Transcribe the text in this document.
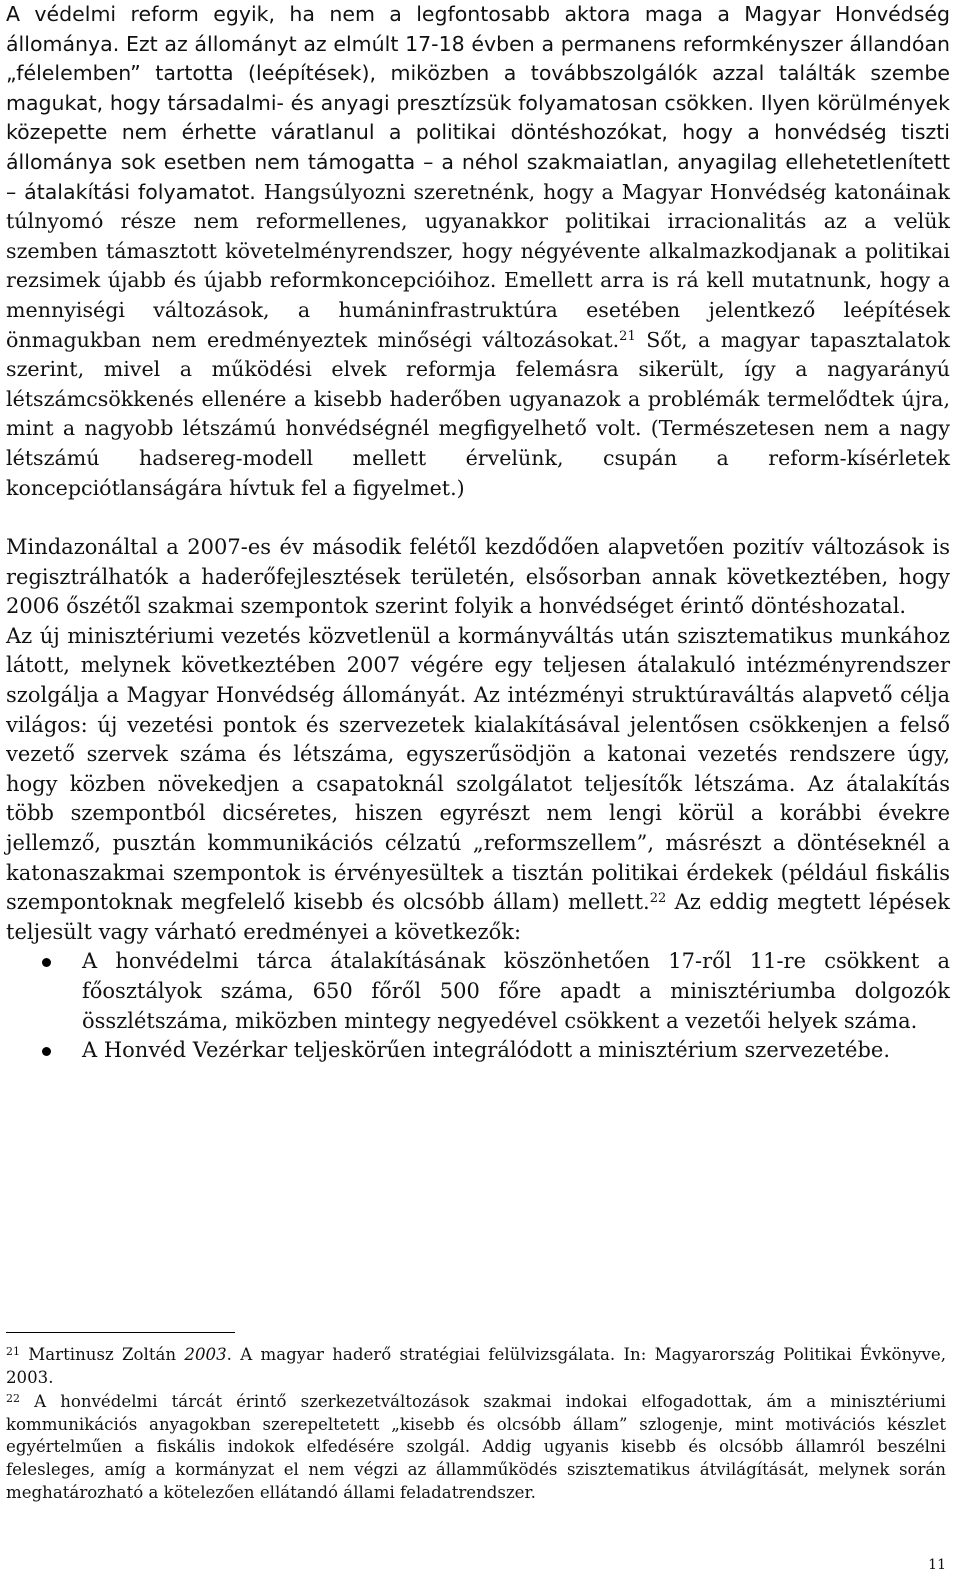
A védelmi reform egyik, ha nem a legfontosabb aktora maga a Magyar Honvédség állománya. Ezt az állományt az elmúlt 17-18 évben a permanens reformkényszer állandóan „félelemben” tartotta (leépítések), miközben a továbbszolgálók azzal találták szembe magukat, hogy társadalmi- és anyagi presztízsük folyamatosan csökken. Ilyen körülmények közepette nem érhette váratlanul a politikai döntéshozókat, hogy a honvédség tiszti állománya sok esetben nem támogatta – a néhol szakmaiatlan, anyagilag ellehetetlenített – átalakítási folyamatot. Hangsúlyozni szeretnénk, hogy a Magyar Honvédség katonáinak túlnyomó része nem reformellenes, ugyanakkor politikai irracionalitás az a velük szemben támasztott követelményrendszer, hogy négyévente alkalmazkodjanak a politikai rezsimek újabb és újabb reformkoncepcióihoz. Emellett arra is rá kell mutatnunk, hogy a mennyiségi változások, a humáninfrastruktúra esetében jelentkező leépítések önmagukban nem eredményeztek minőségi változásokat.$^{21}$ Sőt, a magyar tapasztalatok szerint, mivel a működési elvek reformja felemásra sikerült, így a nagyarányú létszámcsökkenés ellenére a kisebb haderőben ugyanazok a problémák termelődtek újra, mint a nagyobb létszámú honvédségnél megfigyelhető volt. (Természetesen nem a nagy létszámú hadsereg-modell mellett érvelünk, csupán a reform-kísérletek koncepciótlanságára hívtuk fel a figyelmet.)

Mindazonáltal a 2007-es év második felétől kezdődően alapvetően pozitív változások is regisztrálhatók a haderőfejlesztések területén, elsősorban annak következtében, hogy 2006 őszétől szakmai szempontok szerint folyik a honvédséget érintő döntéshozatal.

Az új minisztériumi vezetés közvetlenül a kormányváltás után szisztematikus munkához látott, melynek következtében 2007 végére egy teljesen átalakuló intézményrendszer szolgálja a Magyar Honvédség állományát. Az intézményi struktúraváltás alapvető célja világos: új vezetési pontok és szervezetek kialakításával jelentősen csökkenjen a felső vezető szervek száma és létszáma, egyszerűsödjön a katonai vezetés rendszere úgy, hogy közben növekedjen a csapatoknál szolgálatot teljesítők létszáma. Az átalakítás több szempontból dicséretes, hiszen egyrészt nem lengi körül a korábbi évekre jellemző, pusztán kommunikációs célzatú „reformszellem”, másrészt a döntéseknél a katonaszakmai szempontok is érvényesültek a tisztán politikai érdekek (például fiskális szempontoknak megfelelő kisebb és olcsóbb állam) mellett.$^{22}$ Az eddig megtett lépések teljesült vagy várható eredményei a következők:

A honvédelmi tárca átalakításának köszönhetően 17-ről 11-re csökkent a főosztályok száma, 650 főről 500 főre apadt a minisztériumba dolgozók összlétszáma, miközben mintegy negyedével csökkent a vezetői helyek száma.
A Honvéd Vezérkar teljeskörűen integrálódott a minisztérium szervezetébe.

$^{21}$ Martinusz Zoltán 2003. A magyar haderő stratégiai felülvizsgálata. In: Magyarország Politikai Évkönyve, 2003.

$^{22}$ A honvédelmi tárcát érintő szerkezetváltozások szakmai indokai elfogadottak, ám a minisztériumi kommunikációs anyagokban szerepeltetett „kisebb és olcsóbb állam” szlogenje, mint motivációs készlet egyértelműen a fiskális indokok elfedésére szolgál. Addig ugyanis kisebb és olcsóbb államról beszélni felesleges, amíg a kormányzat el nem végzi az államműködés szisztematikus átvilágítását, melynek során meghatározható a kötelezően ellátandó állami feladatrendszer.

11
